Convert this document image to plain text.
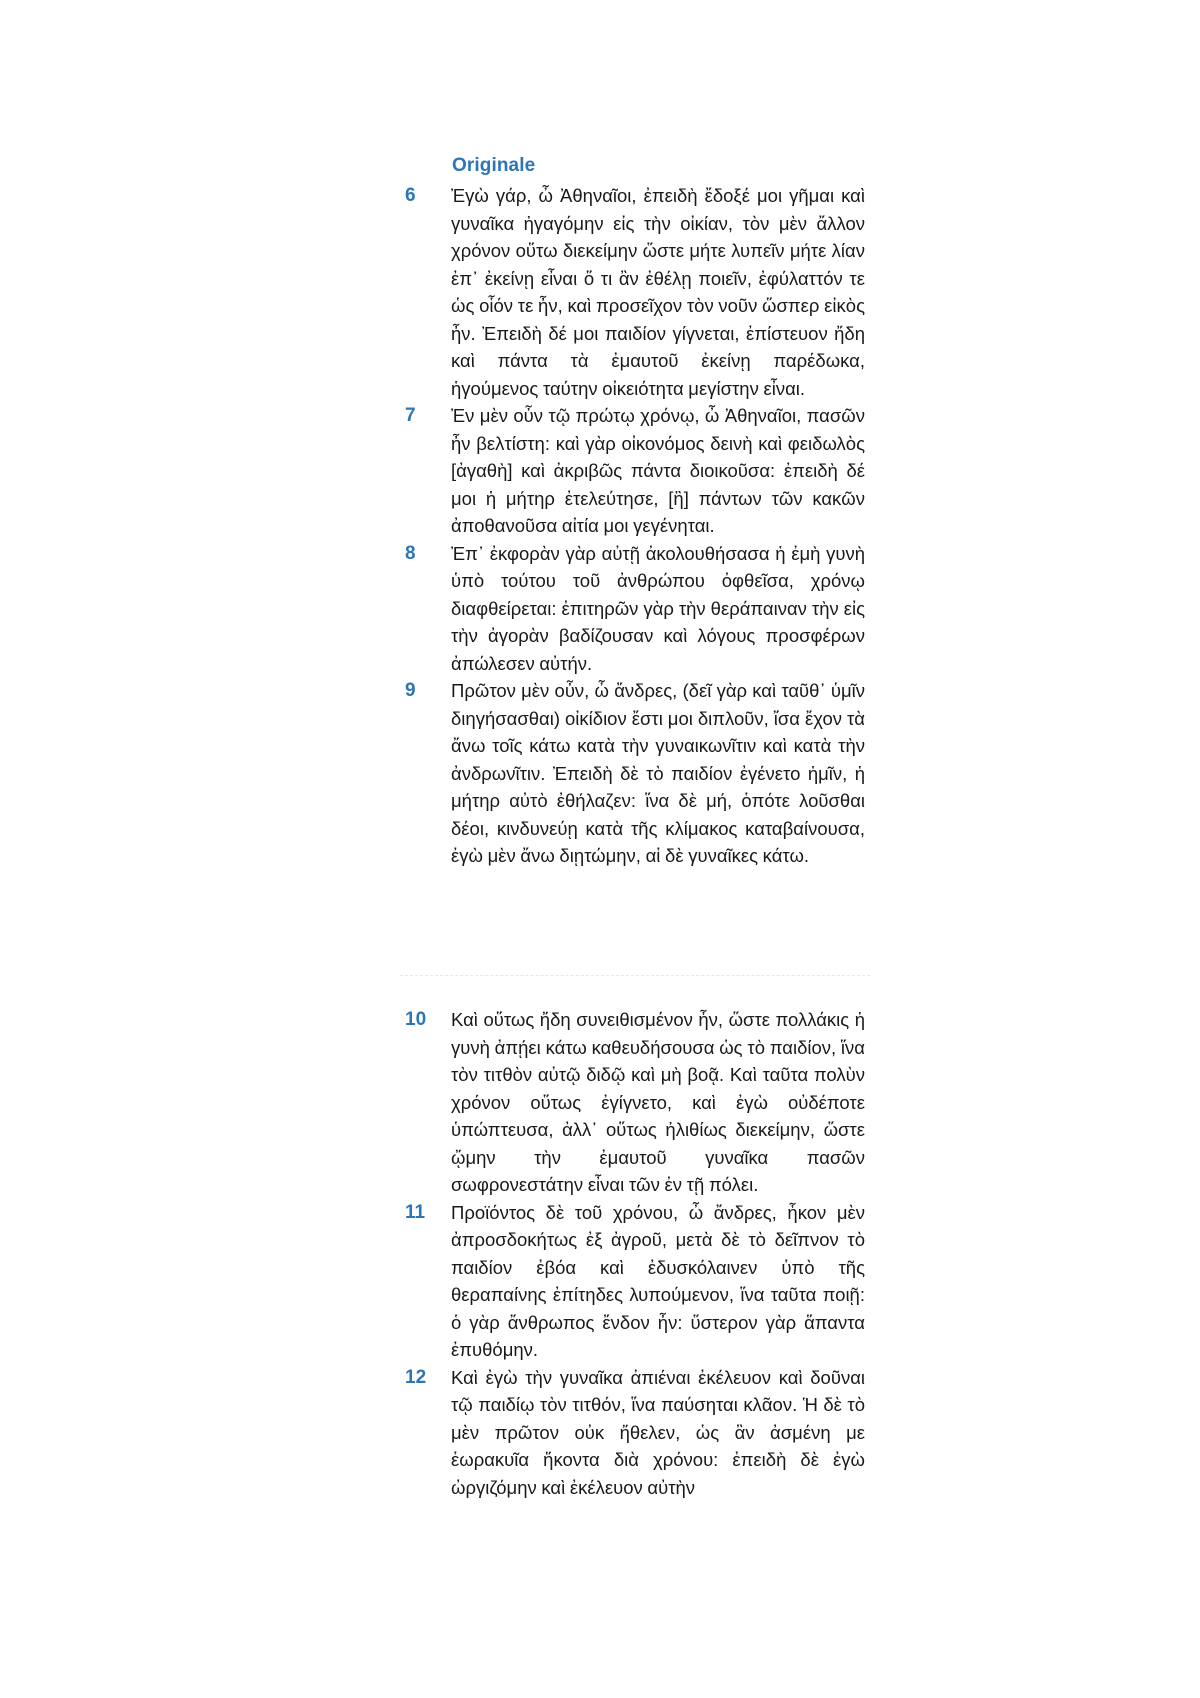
Originale
6	Ἐγὼ γάρ, ὦ Ἀθηναῖοι, ἐπειδὴ ἔδοξέ μοι γῆμαι καὶ γυναῖκα ἠγαγόμην εἰς τὴν οἰκίαν, τὸν μὲν ἄλλον χρόνον οὕτω διεκείμην ὥστε μήτε λυπεῖν μήτε λίαν ἐπ᾽ ἐκείνῃ εἶναι ὅ τι ἂν ἐθέλῃ ποιεῖν, ἐφύλαττόν τε ὡς οἷόν τε ἦν, καὶ προσεῖχον τὸν νοῦν ὥσπερ εἰκὸς ἦν. Ἐπειδὴ δέ μοι παιδίον γίγνεται, ἐπίστευον ἤδη καὶ πάντα τὰ ἐμαυτοῦ ἐκείνῃ παρέδωκα, ἡγούμενος ταύτην οἰκειότητα μεγίστην εἶναι.
7	Ἐν μὲν οὖν τῷ πρώτῳ χρόνῳ, ὦ Ἀθηναῖοι, πασῶν ἦν βελτίστη: καὶ γὰρ οἰκονόμος δεινὴ καὶ φειδωλὸς [ἀγαθὴ] καὶ ἀκριβῶς πάντα διοικοῦσα: ἐπειδὴ δέ μοι ἡ μήτηρ ἐτελεύτησε, [ἣ] πάντων τῶν κακῶν ἀποθανοῦσα αἰτία μοι γεγένηται.
8	Ἐπ᾽ ἐκφορὰν γὰρ αὐτῇ ἀκολουθήσασα ἡ ἐμὴ γυνὴ ὑπὸ τούτου τοῦ ἀνθρώπου ὀφθεῖσα, χρόνῳ διαφθείρεται: ἐπιτηρῶν γὰρ τὴν θεράπαιναν τὴν εἰς τὴν ἀγορὰν βαδίζουσαν καὶ λόγους προσφέρων ἀπώλεσεν αὐτήν.
9	Πρῶτον μὲν οὖν, ὦ ἄνδρες, (δεῖ γὰρ καὶ ταῦθ᾽ ὑμῖν διηγήσασθαι) οἰκίδιον ἔστι μοι διπλοῦν, ἴσα ἔχον τὰ ἄνω τοῖς κάτω κατὰ τὴν γυναικωνῖτιν καὶ κατὰ τὴν ἀνδρωνῖτιν. Ἐπειδὴ δὲ τὸ παιδίον ἐγένετο ἡμῖν, ἡ μήτηρ αὐτὸ ἐθήλαζεν: ἵνα δὲ μή, ὁπότε λοῦσθαι δέοι, κινδυνεύῃ κατὰ τῆς κλίμακος καταβαίνουσα, ἐγὼ μὲν ἄνω διῃτώμην, αἱ δὲ γυναῖκες κάτω.
10	Καὶ οὕτως ἤδη συνειθισμένον ἦν, ὥστε πολλάκις ἡ γυνὴ ἀπῄει κάτω καθευδήσουσα ὡς τὸ παιδίον, ἵνα τὸν τιτθὸν αὐτῷ διδῷ καὶ μὴ βοᾷ. Καὶ ταῦτα πολὺν χρόνον οὕτως ἐγίγνετο, καὶ ἐγὼ οὐδέποτε ὑπώπτευσα, ἀλλ᾽ οὕτως ἠλιθίως διεκείμην, ὥστε ᾤμην τὴν ἐμαυτοῦ γυναῖκα πασῶν σωφρονεστάτην εἶναι τῶν ἐν τῇ πόλει.
11	Προϊόντος δὲ τοῦ χρόνου, ὦ ἄνδρες, ἧκον μὲν ἀπροσδοκήτως ἐξ ἀγροῦ, μετὰ δὲ τὸ δεῖπνον τὸ παιδίον ἐβόα καὶ ἐδυσκόλαινεν ὑπὸ τῆς θεραπαίνης ἐπίτηδες λυπούμενον, ἵνα ταῦτα ποιῇ: ὁ γὰρ ἄνθρωπος ἔνδον ἦν: ὕστερον γὰρ ἅπαντα ἐπυθόμην.
12	Καὶ ἐγὼ τὴν γυναῖκα ἀπιέναι ἐκέλευον καὶ δοῦναι τῷ παιδίῳ τὸν τιτθόν, ἵνα παύσηται κλᾶον. Ἡ δὲ τὸ μὲν πρῶτον οὐκ ἤθελεν, ὡς ἂν ἀσμένη με ἑωρακυῖα ἥκοντα διὰ χρόνου: ἐπειδὴ δὲ ἐγὼ ὠργιζόμην καὶ ἐκέλευον αὐτὴν
